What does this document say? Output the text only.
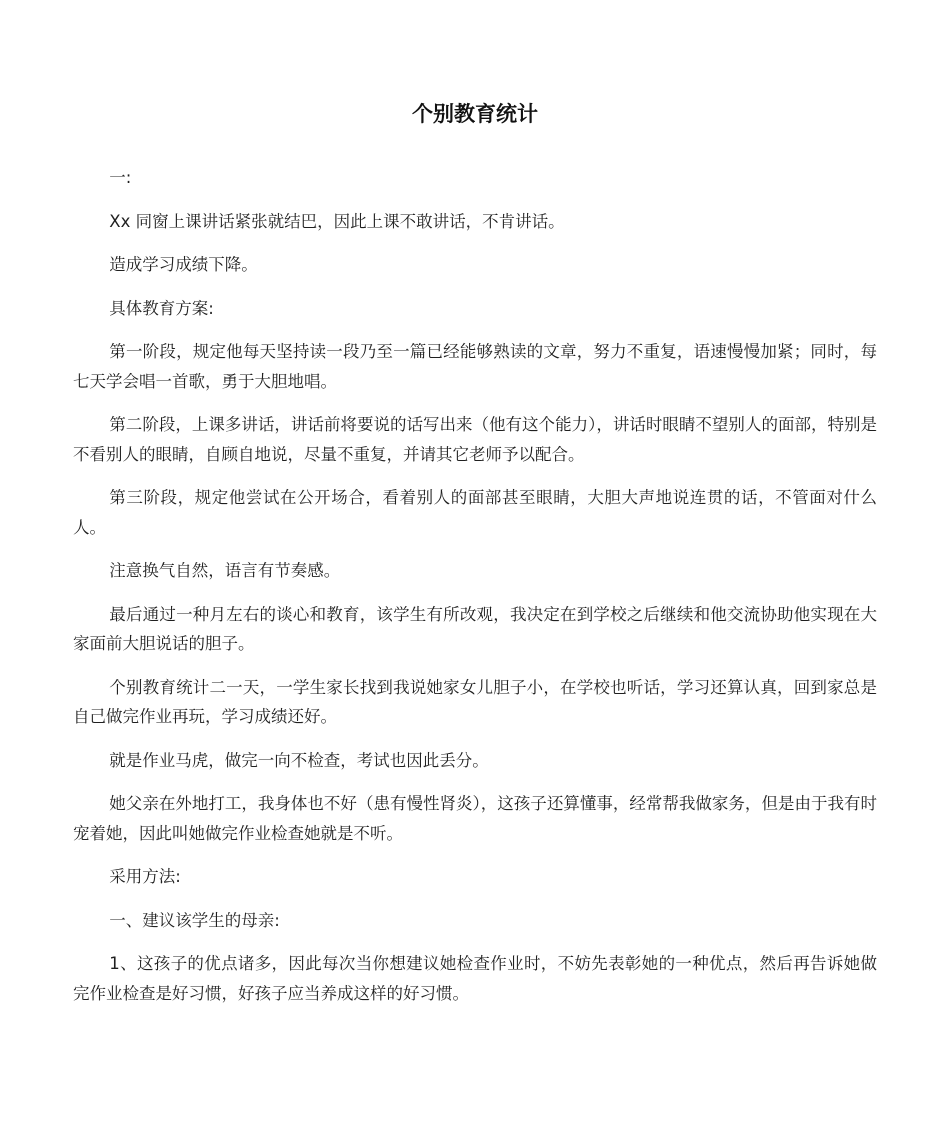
个别教育统计

一:

Xx 同窗上课讲话紧张就结巴，因此上课不敢讲话，不肯讲话。

造成学习成绩下降。

具体教育方案:

第一阶段，规定他每天坚持读一段乃至一篇已经能够熟读的文章，努力不重复，语速慢慢加紧；同时，每七天学会唱一首歌，勇于大胆地唱。

第二阶段，上课多讲话，讲话前将要说的话写出来（他有这个能力），讲话时眼睛不望别人的面部，特别是不看别人的眼睛，自顾自地说，尽量不重复，并请其它老师予以配合。

第三阶段，规定他尝试在公开场合，看着别人的面部甚至眼睛，大胆大声地说连贯的话，不管面对什么人。

注意换气自然，语言有节奏感。

最后通过一种月左右的谈心和教育，该学生有所改观，我决定在到学校之后继续和他交流协助他实现在大家面前大胆说话的胆子。

个别教育统计二一天，一学生家长找到我说她家女儿胆子小，在学校也听话，学习还算认真，回到家总是自己做完作业再玩，学习成绩还好。

就是作业马虎，做完一向不检查，考试也因此丢分。

她父亲在外地打工，我身体也不好（患有慢性肾炎），这孩子还算懂事，经常帮我做家务，但是由于我有时宠着她，因此叫她做完作业检查她就是不听。

采用方法:

一、建议该学生的母亲:

1、这孩子的优点诸多，因此每次当你想建议她检查作业时，不妨先表彰她的一种优点，然后再告诉她做完作业检查是好习惯，好孩子应当养成这样的好习惯。
